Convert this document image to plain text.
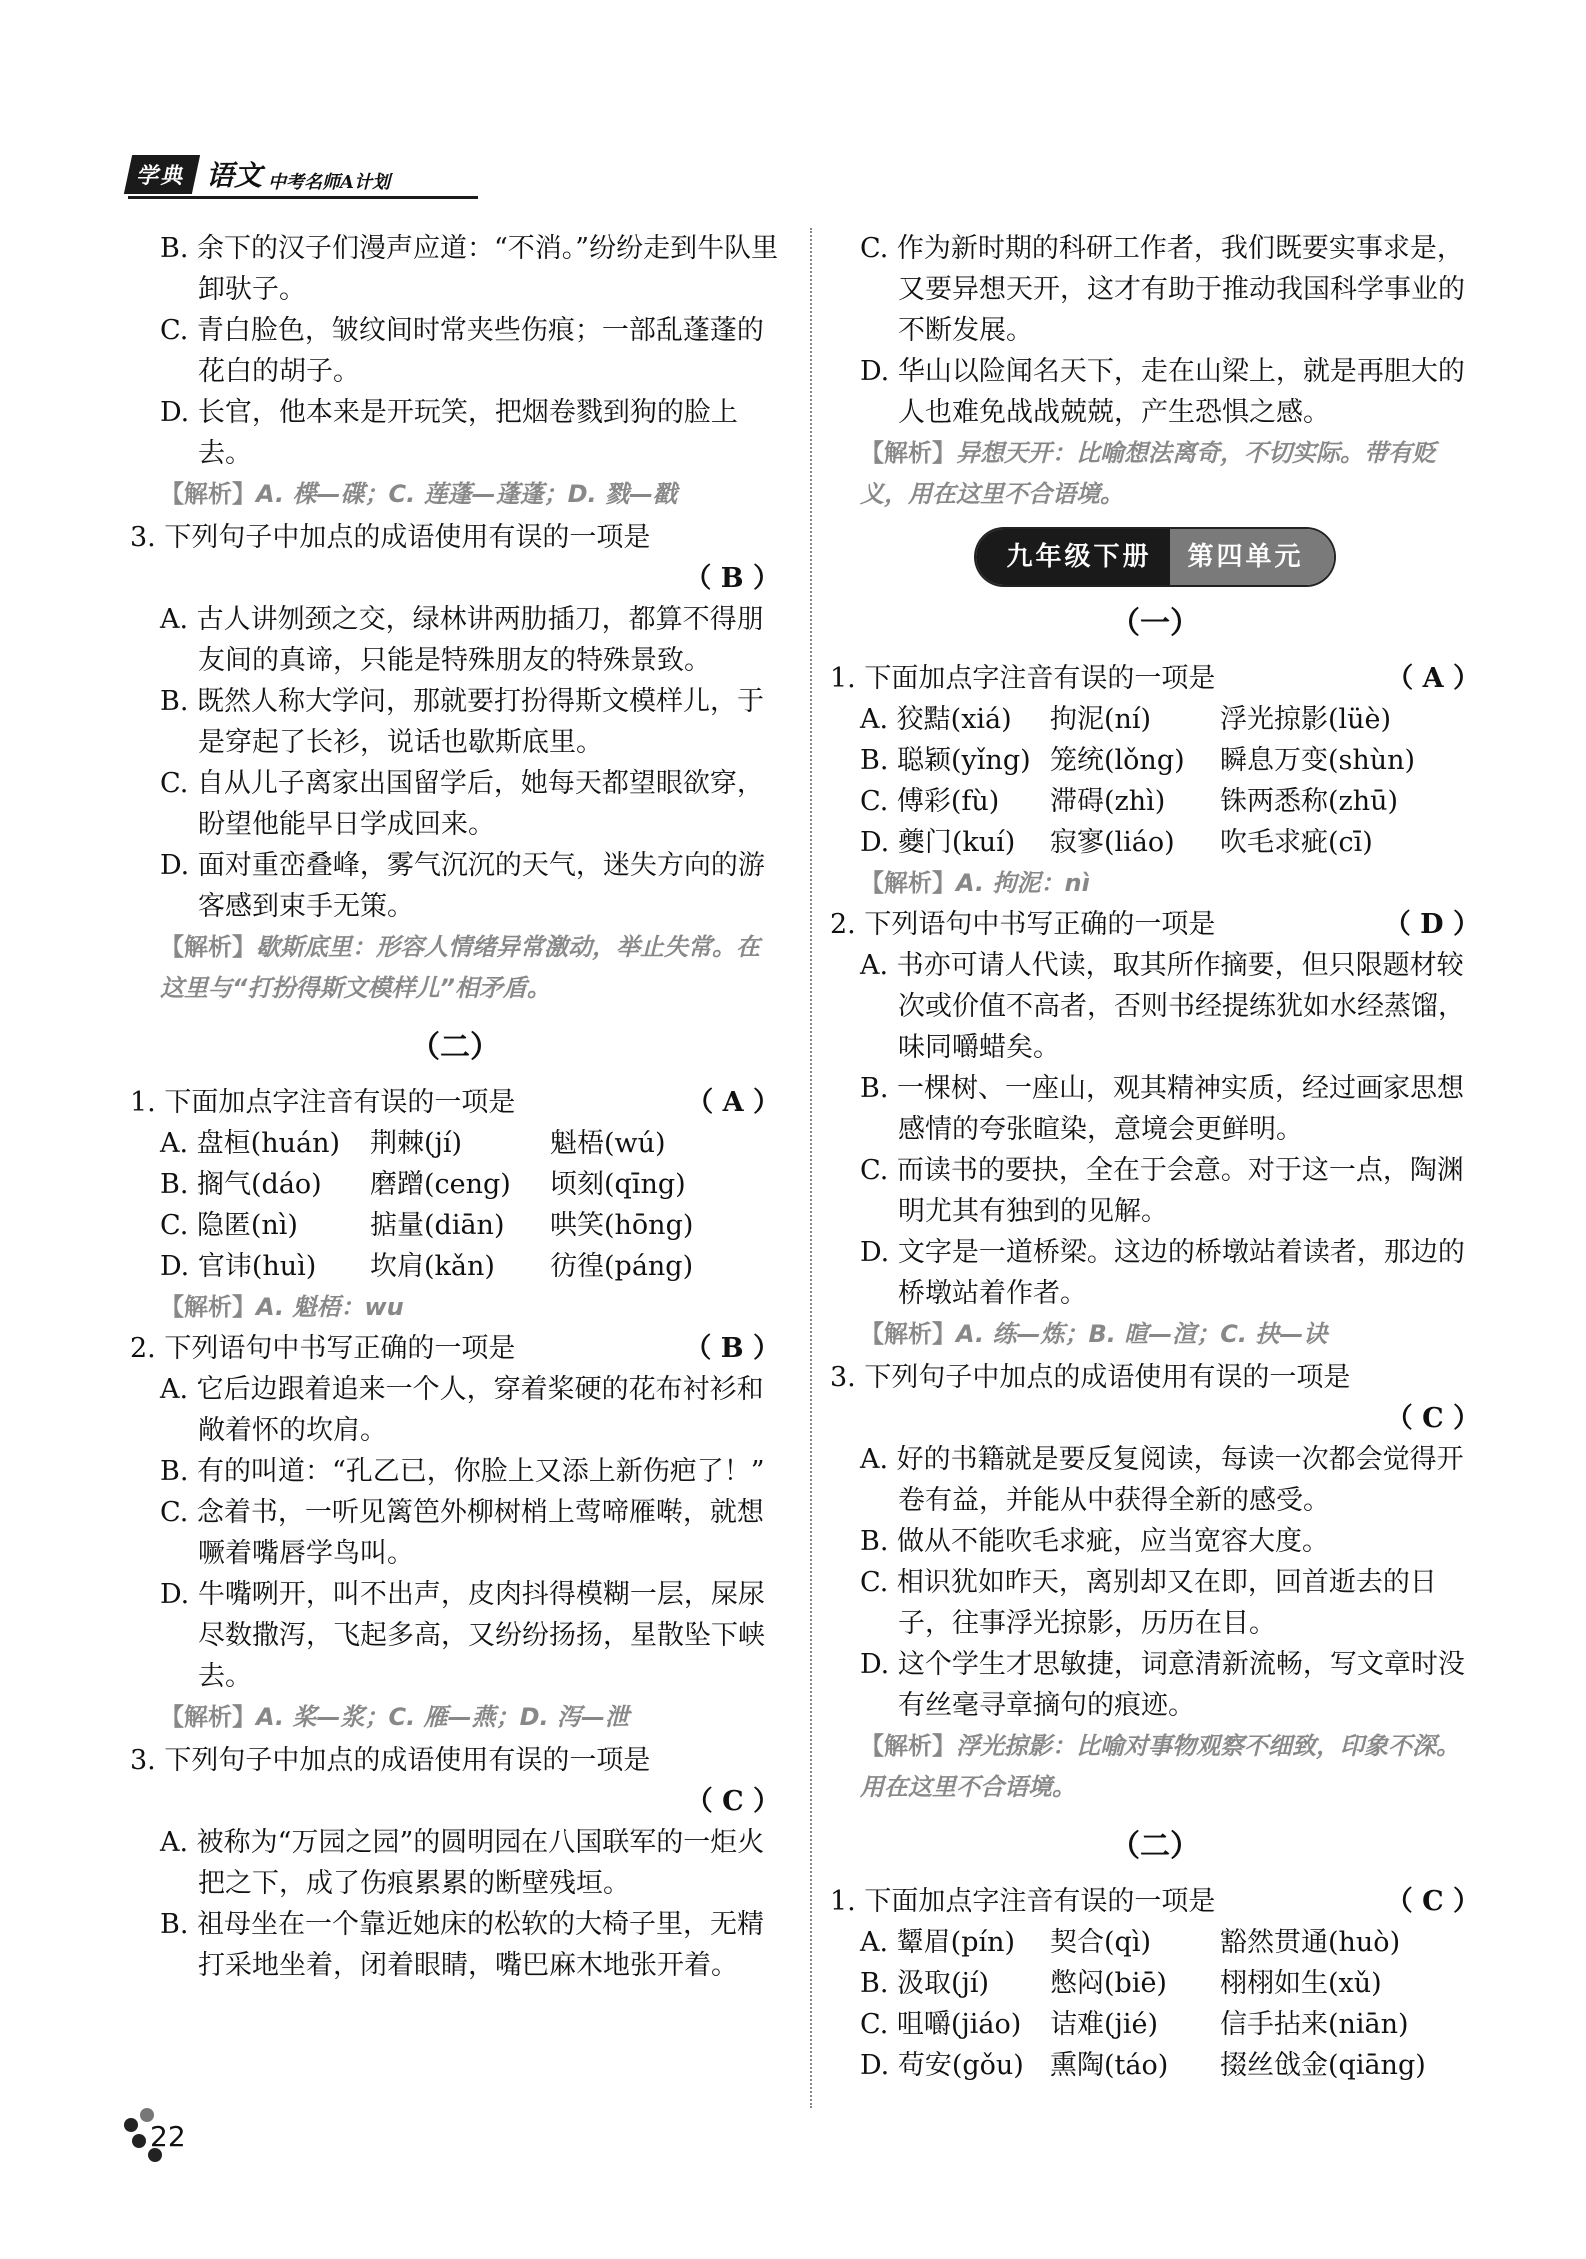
学典 语文 中考名师A计划
B. 余下的汉子们漫声应道：“不消。”纷纷走到牛队里卸驮子。
C. 青白脸色，皱纹间时常夹些伤痕；一部乱蓬蓬的花白的胡子。
D. 长官，他本来是开玩笑，把烟卷戮到狗的脸上去。
【解析】A. 楪—碟；C. 莲蓬—蓬蓬；D. 戮—戳
3. 下列句子中加点的成语使用有误的一项是
（ B ）
A. 古人讲刎颈之交，绿林讲两肋插刀，都算不得朋友间的真谛，只能是特殊朋友的特殊景致。
B. 既然人称大学问，那就要打扮得斯文模样儿，于是穿起了长衫，说话也歇斯底里。
C. 自从儿子离家出国留学后，她每天都望眼欲穿，盼望他能早日学成回来。
D. 面对重峦叠峰，雾气沉沉的天气，迷失方向的游客感到束手无策。
【解析】歇斯底里：形容人情绪异常激动，举止失常。在这里与“打扮得斯文模样儿”相矛盾。
（二）
1. 下面加点字注音有误的一项是	（ A ）
A. 盘桓(huán)	荆棘(jí)	魁梧(wú)
B. 搁气(dáo)	磨蹭(ceng)	顷刻(qīng)
C. 隐匿(nì)	掂量(diān)	哄笑(hōng)
D. 官讳(huì)	坎肩(kǎn)	彷徨(páng)
【解析】A. 魁梧：wu
2. 下列语句中书写正确的一项是	（ B ）
A. 它后边跟着追来一个人，穿着桨硬的花布衬衫和敞着怀的坎肩。
B. 有的叫道：“孔乙已，你脸上又添上新伤疤了！”
C. 念着书，一听见篱笆外柳树梢上莺啼雁啭，就想噘着嘴唇学鸟叫。
D. 牛嘴咧开，叫不出声，皮肉抖得模糊一层，屎尿尽数撒泻，飞起多高，又纷纷扬扬，星散坠下峡去。
【解析】A. 桨—浆；C. 雁—燕；D. 泻—泄
3. 下列句子中加点的成语使用有误的一项是
（ C ）
A. 被称为“万园之园”的圆明园在八国联军的一炬火把之下，成了伤痕累累的断壁残垣。
B. 祖母坐在一个靠近她床的松软的大椅子里，无精打采地坐着，闭着眼睛，嘴巴麻木地张开着。
C. 作为新时期的科研工作者，我们既要实事求是，又要异想天开，这才有助于推动我国科学事业的不断发展。
D. 华山以险闻名天下，走在山梁上，就是再胆大的人也难免战战兢兢，产生恐惧之感。
【解析】异想天开：比喻想法离奇，不切实际。带有贬义，用在这里不合语境。
九年级下册	第四单元
（一）
1. 下面加点字注音有误的一项是	（ A ）
A. 狡黠(xiá)	拘泥(ní)	浮光掠影(lüè)
B. 聪颖(yǐng) 笼统(lǒng)	瞬息万变(shùn)
C. 傅彩(fù)	滞碍(zhì)	铢两悉称(zhū)
D. 夔门(kuí)	寂寥(liáo)	吹毛求疵(cī)
【解析】A. 拘泥：nì
2. 下列语句中书写正确的一项是	（ D ）
A. 书亦可请人代读，取其所作摘要，但只限题材较次或价值不高者，否则书经提练犹如水经蒸馏，味同嚼蜡矣。
B. 一棵树、一座山，观其精神实质，经过画家思想感情的夸张暄染，意境会更鲜明。
C. 而读书的要抉，全在于会意。对于这一点，陶渊明尤其有独到的见解。
D. 文字是一道桥梁。这边的桥墩站着读者，那边的桥墩站着作者。
【解析】A. 练—炼；B. 暄—渲；C. 抉—诀
3. 下列句子中加点的成语使用有误的一项是
（ C ）
A. 好的书籍就是要反复阅读，每读一次都会觉得开卷有益，并能从中获得全新的感受。
B. 做从不能吹毛求疵，应当宽容大度。
C. 相识犹如昨天，离别却又在即，回首逝去的日子，往事浮光掠影，历历在目。
D. 这个学生才思敏捷，词意清新流畅，写文章时没有丝毫寻章摘句的痕迹。
【解析】浮光掠影：比喻对事物观察不细致，印象不深。用在这里不合语境。
（二）
1. 下面加点字注音有误的一项是	（ C ）
A. 颦眉(pín)	契合(qì)	豁然贯通(huò)
B. 汲取(jí)	憋闷(biē)	栩栩如生(xǔ)
C. 咀嚼(jiáo)	诘难(jié)	信手拈来(niān)
D. 苟安(gǒu) 熏陶(táo)	掇丝戗金(qiāng)
22
